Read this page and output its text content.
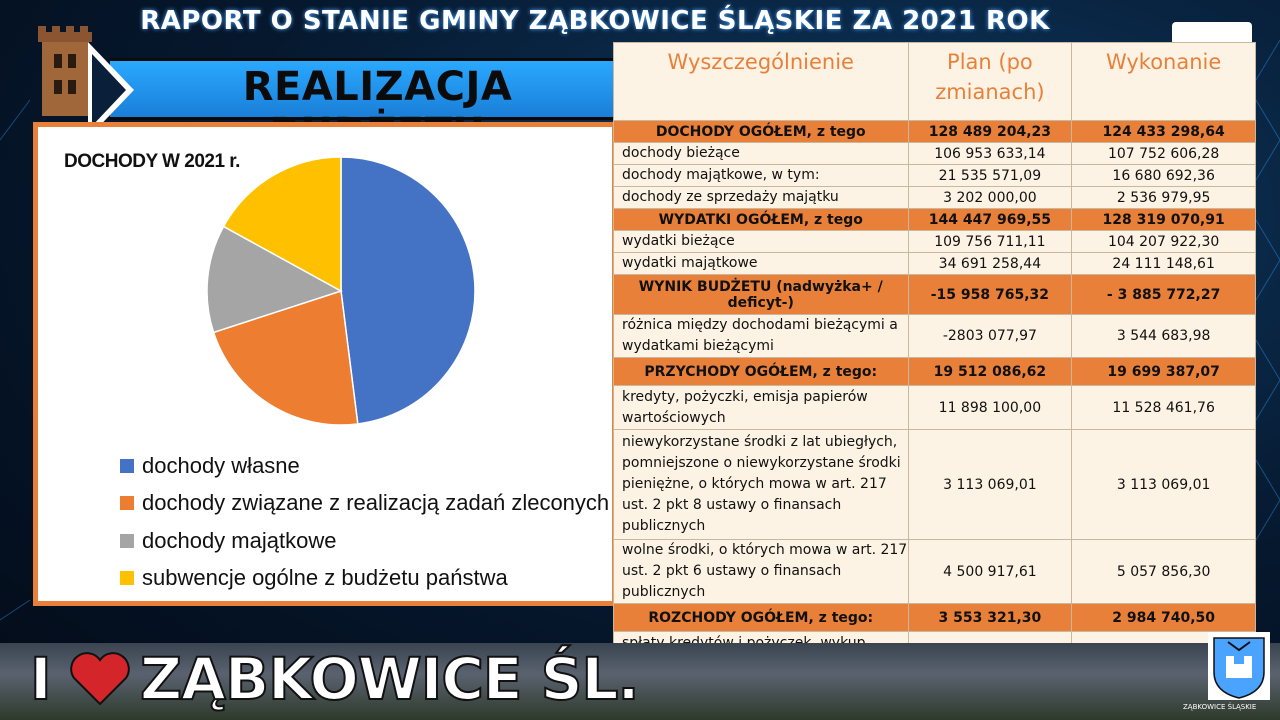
RAPORT O STANIE GMINY ZĄBKOWICE ŚLĄSKIE ZA 2021 ROK
REALIZACJA
DOCHODY W 2021 r.
dochody własne
dochody związane z realizacją zadań zleconych
dochody majątkowe
subwencje ogólne z budżetu państwa
Wyszczególnienie	Plan (po zmianach)	Wykonanie
DOCHODY OGÓŁEM, z tego	128 489 204,23	124 433 298,64
dochody bieżące	106 953 633,14	107 752 606,28
dochody majątkowe, w tym:	21 535 571,09	16 680 692,36
dochody ze sprzedaży majątku	3 202 000,00	2 536 979,95
WYDATKI OGÓŁEM, z tego	144 447 969,55	128 319 070,91
wydatki bieżące	109 756 711,11	104 207 922,30
wydatki majątkowe	34 691 258,44	24 111 148,61
WYNIK BUDŻETU (nadwyżka+ / deficyt-)	-15 958 765,32	- 3 885 772,27
różnica między dochodami bieżącymi a wydatkami bieżącymi	-2803 077,97	3 544 683,98
PRZYCHODY OGÓŁEM, z tego:	19 512 086,62	19 699 387,07
kredyty, pożyczki, emisja papierów wartościowych	11 898 100,00	11 528 461,76
niewykorzystane środki z lat ubiegłych, pomniejszone o niewykorzystane środki pieniężne, o których mowa w art. 217 ust. 2 pkt 8 ustawy o finansach publicznych	3 113 069,01	3 113 069,01
wolne środki, o których mowa w art. 217 ust. 2 pkt 6 ustawy o finansach publicznych	4 500 917,61	5 057 856,30
ROZCHODY OGÓŁEM, z tego:	3 553 321,30	2 984 740,50

I ZĄBKOWICE ŚL.	ZĄBKOWICE ŚLĄSKIE
